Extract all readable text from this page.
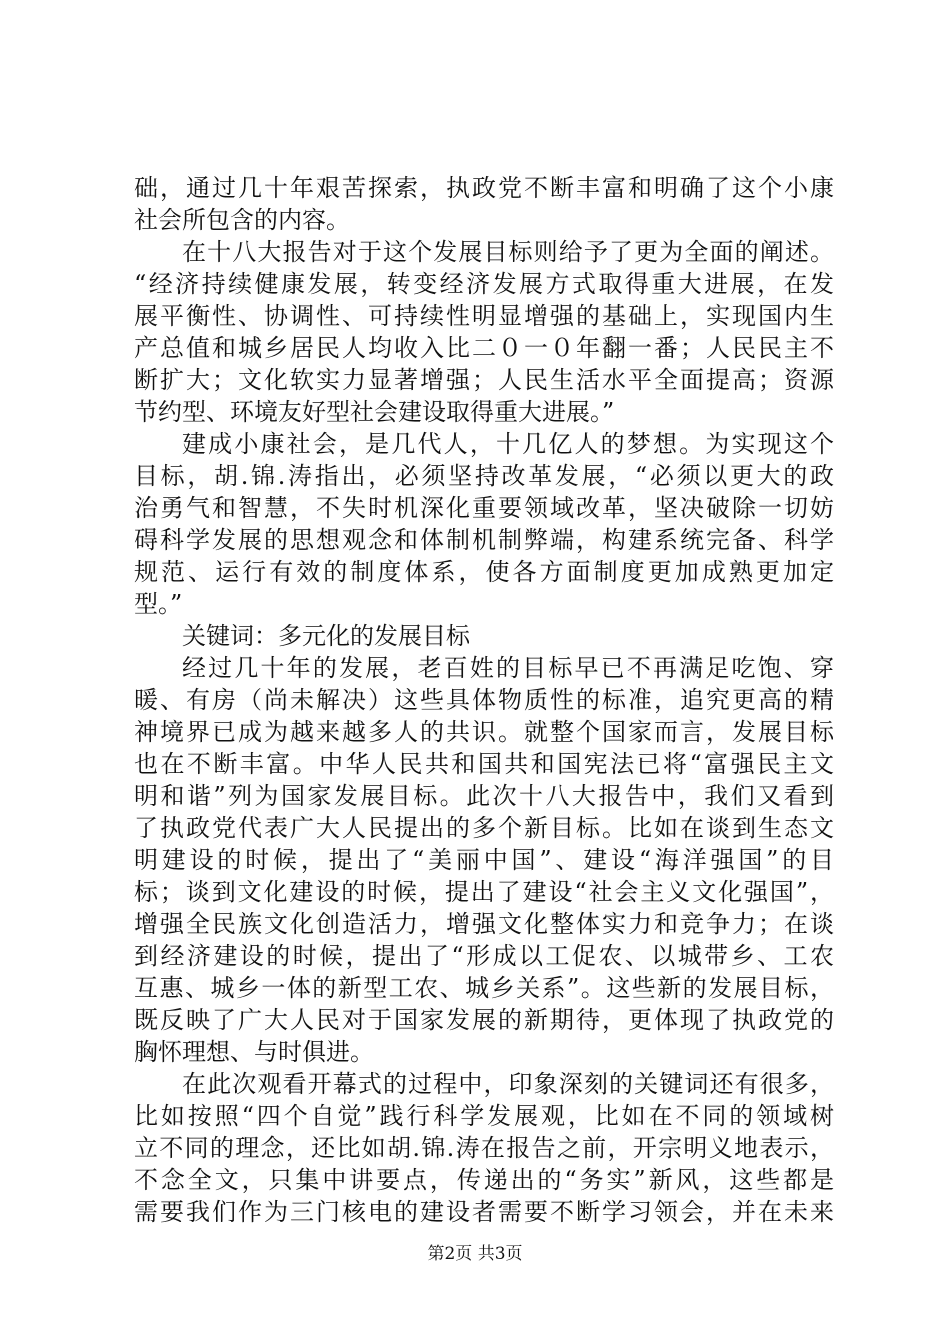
础，通过几十年艰苦探索，执政党不断丰富和明确了这个小康
社会所包含的内容。
在十八大报告对于这个发展目标则给予了更为全面的阐述。
“经济持续健康发展，转变经济发展方式取得重大进展，在发
展平衡性、协调性、可持续性明显增强的基础上，实现国内生
产总值和城乡居民人均收入比二０一０年翻一番；人民民主不
断扩大；文化软实力显著增强；人民生活水平全面提高；资源
节约型、环境友好型社会建设取得重大进展。”
建成小康社会，是几代人，十几亿人的梦想。为实现这个
目标，胡.锦.涛指出，必须坚持改革发展，“必须以更大的政
治勇气和智慧，不失时机深化重要领域改革，坚决破除一切妨
碍科学发展的思想观念和体制机制弊端，构建系统完备、科学
规范、运行有效的制度体系，使各方面制度更加成熟更加定
型。”
关键词：多元化的发展目标
经过几十年的发展，老百姓的目标早已不再满足吃饱、穿
暖、有房（尚未解决）这些具体物质性的标准，追究更高的精
神境界已成为越来越多人的共识。就整个国家而言，发展目标
也在不断丰富。中华人民共和国共和国宪法已将“富强民主文
明和谐”列为国家发展目标。此次十八大报告中，我们又看到
了执政党代表广大人民提出的多个新目标。比如在谈到生态文
明建设的时候，提出了“美丽中国”、建设“海洋强国”的目
标；谈到文化建设的时候，提出了建设“社会主义文化强国”，
增强全民族文化创造活力，增强文化整体实力和竞争力；在谈
到经济建设的时候，提出了“形成以工促农、以城带乡、工农
互惠、城乡一体的新型工农、城乡关系”。这些新的发展目标，
既反映了广大人民对于国家发展的新期待，更体现了执政党的
胸怀理想、与时俱进。
在此次观看开幕式的过程中，印象深刻的关键词还有很多，
比如按照“四个自觉”践行科学发展观，比如在不同的领域树
立不同的理念，还比如胡.锦.涛在报告之前，开宗明义地表示，
不念全文，只集中讲要点，传递出的“务实”新风，这些都是
需要我们作为三门核电的建设者需要不断学习领会，并在未来
第2页 共3页
